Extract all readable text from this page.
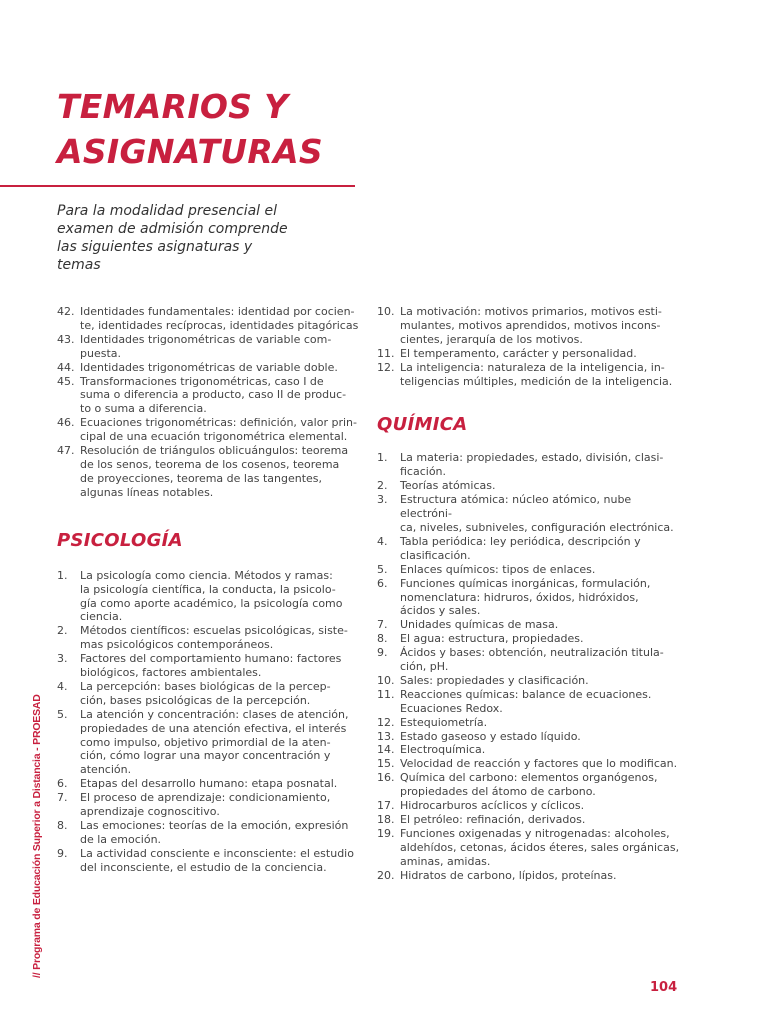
TEMARIOS Y
ASIGNATURAS

Para la modalidad presencial el
examen de admisión comprende
las siguientes asignaturas y
temas

42. Identidades fundamentales: identidad por cocien-
te, identidades recíprocas, identidades pitagóricas
43. Identidades trigonométricas de variable com-
puesta.
44. Identidades trigonométricas de variable doble.
45. Transformaciones trigonométricas, caso I de
suma o diferencia a producto, caso II de produc-
to o suma a diferencia.
46. Ecuaciones trigonométricas: definición, valor prin-
cipal de una ecuación trigonométrica elemental.
47. Resolución de triángulos oblicuángulos: teorema
de los senos, teorema de los cosenos, teorema
de proyecciones, teorema de las tangentes,
algunas líneas notables.
PSICOLOGÍA
1. La psicología como ciencia. Métodos y ramas:
la psicología científica, la conducta, la psicolo-
gía como aporte académico, la psicología como
ciencia.
2. Métodos científicos: escuelas psicológicas, siste-
mas psicológicos contemporáneos.
3. Factores del comportamiento humano: factores
biológicos, factores ambientales.
4. La percepción: bases biológicas de la percep-
ción, bases psicológicas de la percepción.
5. La atención y concentración: clases de atención,
propiedades de una atención efectiva, el interés
como impulso, objetivo primordial de la aten-
ción, cómo lograr una mayor concentración y
atención.
6. Etapas del desarrollo humano: etapa posnatal.
7. El proceso de aprendizaje: condicionamiento,
aprendizaje cognoscitivo.
8. Las emociones: teorías de la emoción, expresión
de la emoción.
9. La actividad consciente e inconsciente: el estudio
del inconsciente, el estudio de la conciencia.
10. La motivación: motivos primarios, motivos esti-
mulantes, motivos aprendidos, motivos incons-
cientes, jerarquía de los motivos.
11. El temperamento, carácter y personalidad.
12. La inteligencia: naturaleza de la inteligencia, in-
teligencias múltiples, medición de la inteligencia.
QUÍMICA
1. La materia: propiedades, estado, división, clasi-
ficación.
2. Teorías atómicas.
3. Estructura atómica: núcleo atómico, nube electróni-
ca, niveles, subniveles, configuración electrónica.
4. Tabla periódica: ley periódica, descripción y
clasificación.
5. Enlaces químicos: tipos de enlaces.
6. Funciones químicas inorgánicas, formulación,
nomenclatura: hidruros, óxidos, hidróxidos,
ácidos y sales.
7. Unidades químicas de masa.
8. El agua: estructura, propiedades.
9. Ácidos y bases: obtención, neutralización titula-
ción, pH.
10. Sales: propiedades y clasificación.
11. Reacciones químicas: balance de ecuaciones.
Ecuaciones Redox.
12. Estequiometría.
13. Estado gaseoso y estado líquido.
14. Electroquímica.
15. Velocidad de reacción y factores que lo modifican.
16. Química del carbono: elementos organógenos,
propiedades del átomo de carbono.
17. Hidrocarburos acíclicos y cíclicos.
18. El petróleo: refinación, derivados.
19. Funciones oxigenadas y nitrogenadas: alcoholes,
aldehídos, cetonas, ácidos éteres, sales orgánicas,
aminas, amidas.
20. Hidratos de carbono, lípidos, proteínas.
// Programa de Educación Superior a Distancia - PROESAD
104
